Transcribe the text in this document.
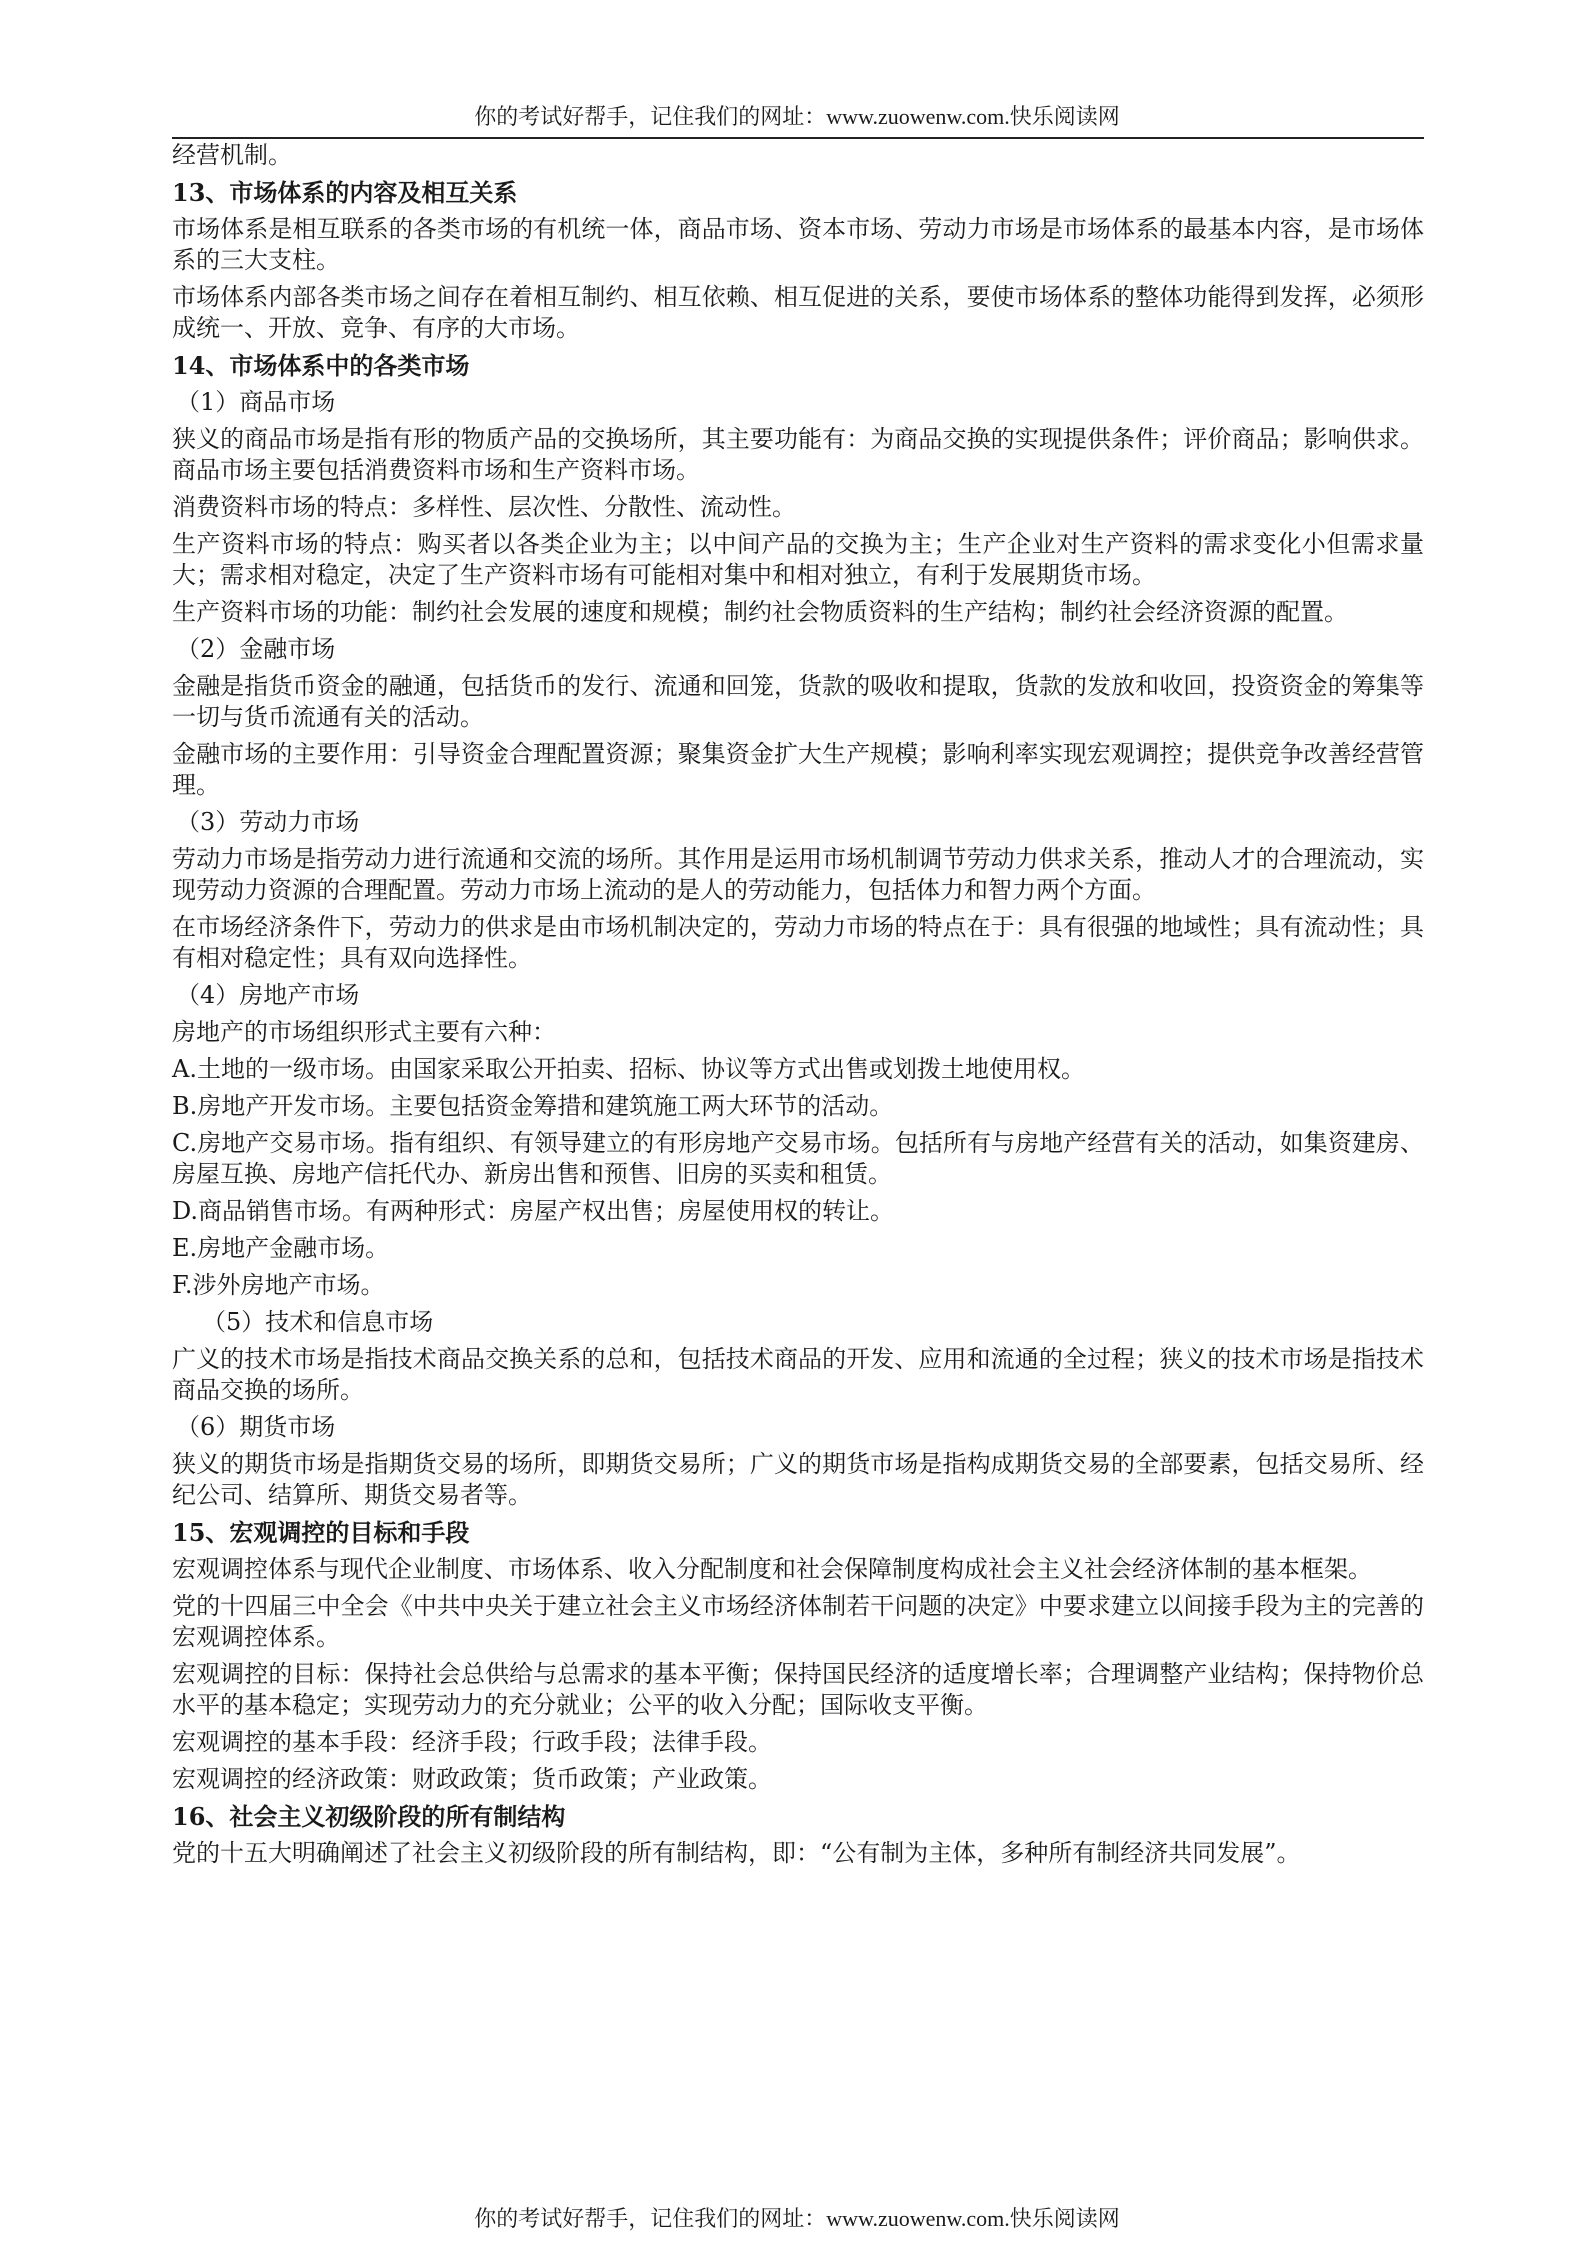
你的考试好帮手，记住我们的网址：www.zuowenw.com.快乐阅读网

经营机制。

13、市场体系的内容及相互关系

市场体系是相互联系的各类市场的有机统一体，商品市场、资本市场、劳动力市场是市场体系的最基本内容，是市场体系的三大支柱。

市场体系内部各类市场之间存在着相互制约、相互依赖、相互促进的关系，要使市场体系的整体功能得到发挥，必须形成统一、开放、竞争、有序的大市场。

14、市场体系中的各类市场

（1）商品市场

狭义的商品市场是指有形的物质产品的交换场所，其主要功能有：为商品交换的实现提供条件；评价商品；影响供求。商品市场主要包括消费资料市场和生产资料市场。

消费资料市场的特点：多样性、层次性、分散性、流动性。

生产资料市场的特点：购买者以各类企业为主；以中间产品的交换为主；生产企业对生产资料的需求变化小但需求量大；需求相对稳定，决定了生产资料市场有可能相对集中和相对独立，有利于发展期货市场。

生产资料市场的功能：制约社会发展的速度和规模；制约社会物质资料的生产结构；制约社会经济资源的配置。

（2）金融市场

金融是指货币资金的融通，包括货币的发行、流通和回笼，货款的吸收和提取，货款的发放和收回，投资资金的筹集等一切与货币流通有关的活动。

金融市场的主要作用：引导资金合理配置资源；聚集资金扩大生产规模；影响利率实现宏观调控；提供竞争改善经营管理。

（3）劳动力市场

劳动力市场是指劳动力进行流通和交流的场所。其作用是运用市场机制调节劳动力供求关系，推动人才的合理流动，实现劳动力资源的合理配置。劳动力市场上流动的是人的劳动能力，包括体力和智力两个方面。

在市场经济条件下，劳动力的供求是由市场机制决定的，劳动力市场的特点在于：具有很强的地域性；具有流动性；具有相对稳定性；具有双向选择性。

（4）房地产市场

房地产的市场组织形式主要有六种：

A.土地的一级市场。由国家采取公开拍卖、招标、协议等方式出售或划拨土地使用权。

B.房地产开发市场。主要包括资金筹措和建筑施工两大环节的活动。

C.房地产交易市场。指有组织、有领导建立的有形房地产交易市场。包括所有与房地产经营有关的活动，如集资建房、房屋互换、房地产信托代办、新房出售和预售、旧房的买卖和租赁。

D.商品销售市场。有两种形式：房屋产权出售；房屋使用权的转让。

E.房地产金融市场。

F.涉外房地产市场。

（5）技术和信息市场

广义的技术市场是指技术商品交换关系的总和，包括技术商品的开发、应用和流通的全过程；狭义的技术市场是指技术商品交换的场所。

（6）期货市场

狭义的期货市场是指期货交易的场所，即期货交易所；广义的期货市场是指构成期货交易的全部要素，包括交易所、经纪公司、结算所、期货交易者等。

15、宏观调控的目标和手段

宏观调控体系与现代企业制度、市场体系、收入分配制度和社会保障制度构成社会主义社会经济体制的基本框架。

党的十四届三中全会《中共中央关于建立社会主义市场经济体制若干问题的决定》中要求建立以间接手段为主的完善的宏观调控体系。

宏观调控的目标：保持社会总供给与总需求的基本平衡；保持国民经济的适度增长率；合理调整产业结构；保持物价总水平的基本稳定；实现劳动力的充分就业；公平的收入分配；国际收支平衡。

宏观调控的基本手段：经济手段；行政手段；法律手段。

宏观调控的经济政策：财政政策；货币政策；产业政策。

16、社会主义初级阶段的所有制结构

党的十五大明确阐述了社会主义初级阶段的所有制结构，即：“公有制为主体，多种所有制经济共同发展”。

你的考试好帮手，记住我们的网址：www.zuowenw.com.快乐阅读网
